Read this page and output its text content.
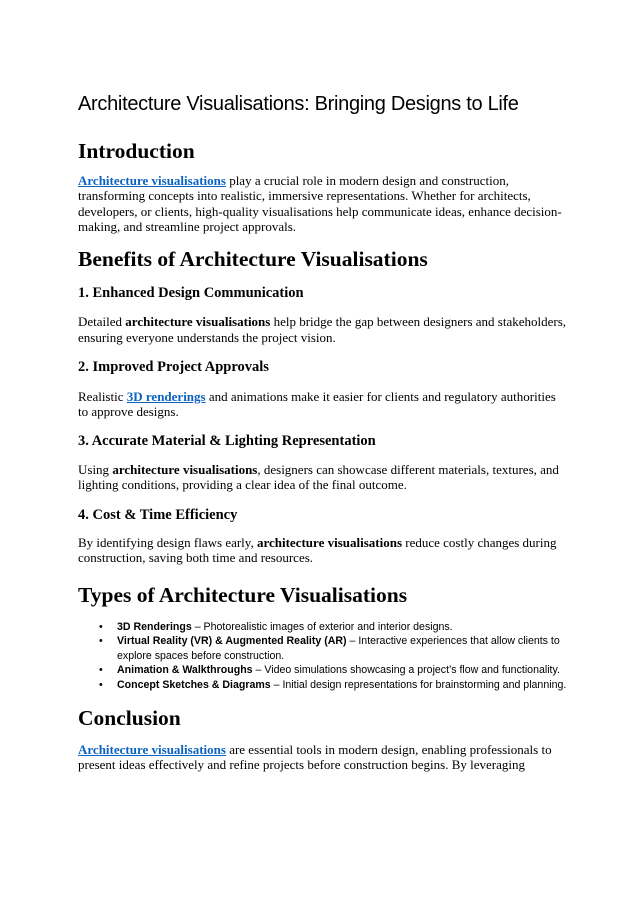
Architecture Visualisations: Bringing Designs to Life
Introduction

Architecture visualisations play a crucial role in modern design and construction, transforming concepts into realistic, immersive representations. Whether for architects, developers, or clients, high-quality visualisations help communicate ideas, enhance decision-making, and streamline project approvals.

Benefits of Architecture Visualisations
1. Enhanced Design Communication

Detailed architecture visualisations help bridge the gap between designers and stakeholders, ensuring everyone understands the project vision.

2. Improved Project Approvals

Realistic 3D renderings and animations make it easier for clients and regulatory authorities to approve designs.

3. Accurate Material & Lighting Representation

Using architecture visualisations, designers can showcase different materials, textures, and lighting conditions, providing a clear idea of the final outcome.

4. Cost & Time Efficiency

By identifying design flaws early, architecture visualisations reduce costly changes during construction, saving both time and resources.

Types of Architecture Visualisations
• 3D Renderings – Photorealistic images of exterior and interior designs.
• Virtual Reality (VR) & Augmented Reality (AR) – Interactive experiences that allow clients to explore spaces before construction.
• Animation & Walkthroughs – Video simulations showcasing a project’s flow and functionality.
• Concept Sketches & Diagrams – Initial design representations for brainstorming and planning.
Conclusion

Architecture visualisations are essential tools in modern design, enabling professionals to present ideas effectively and refine projects before construction begins. By leveraging
